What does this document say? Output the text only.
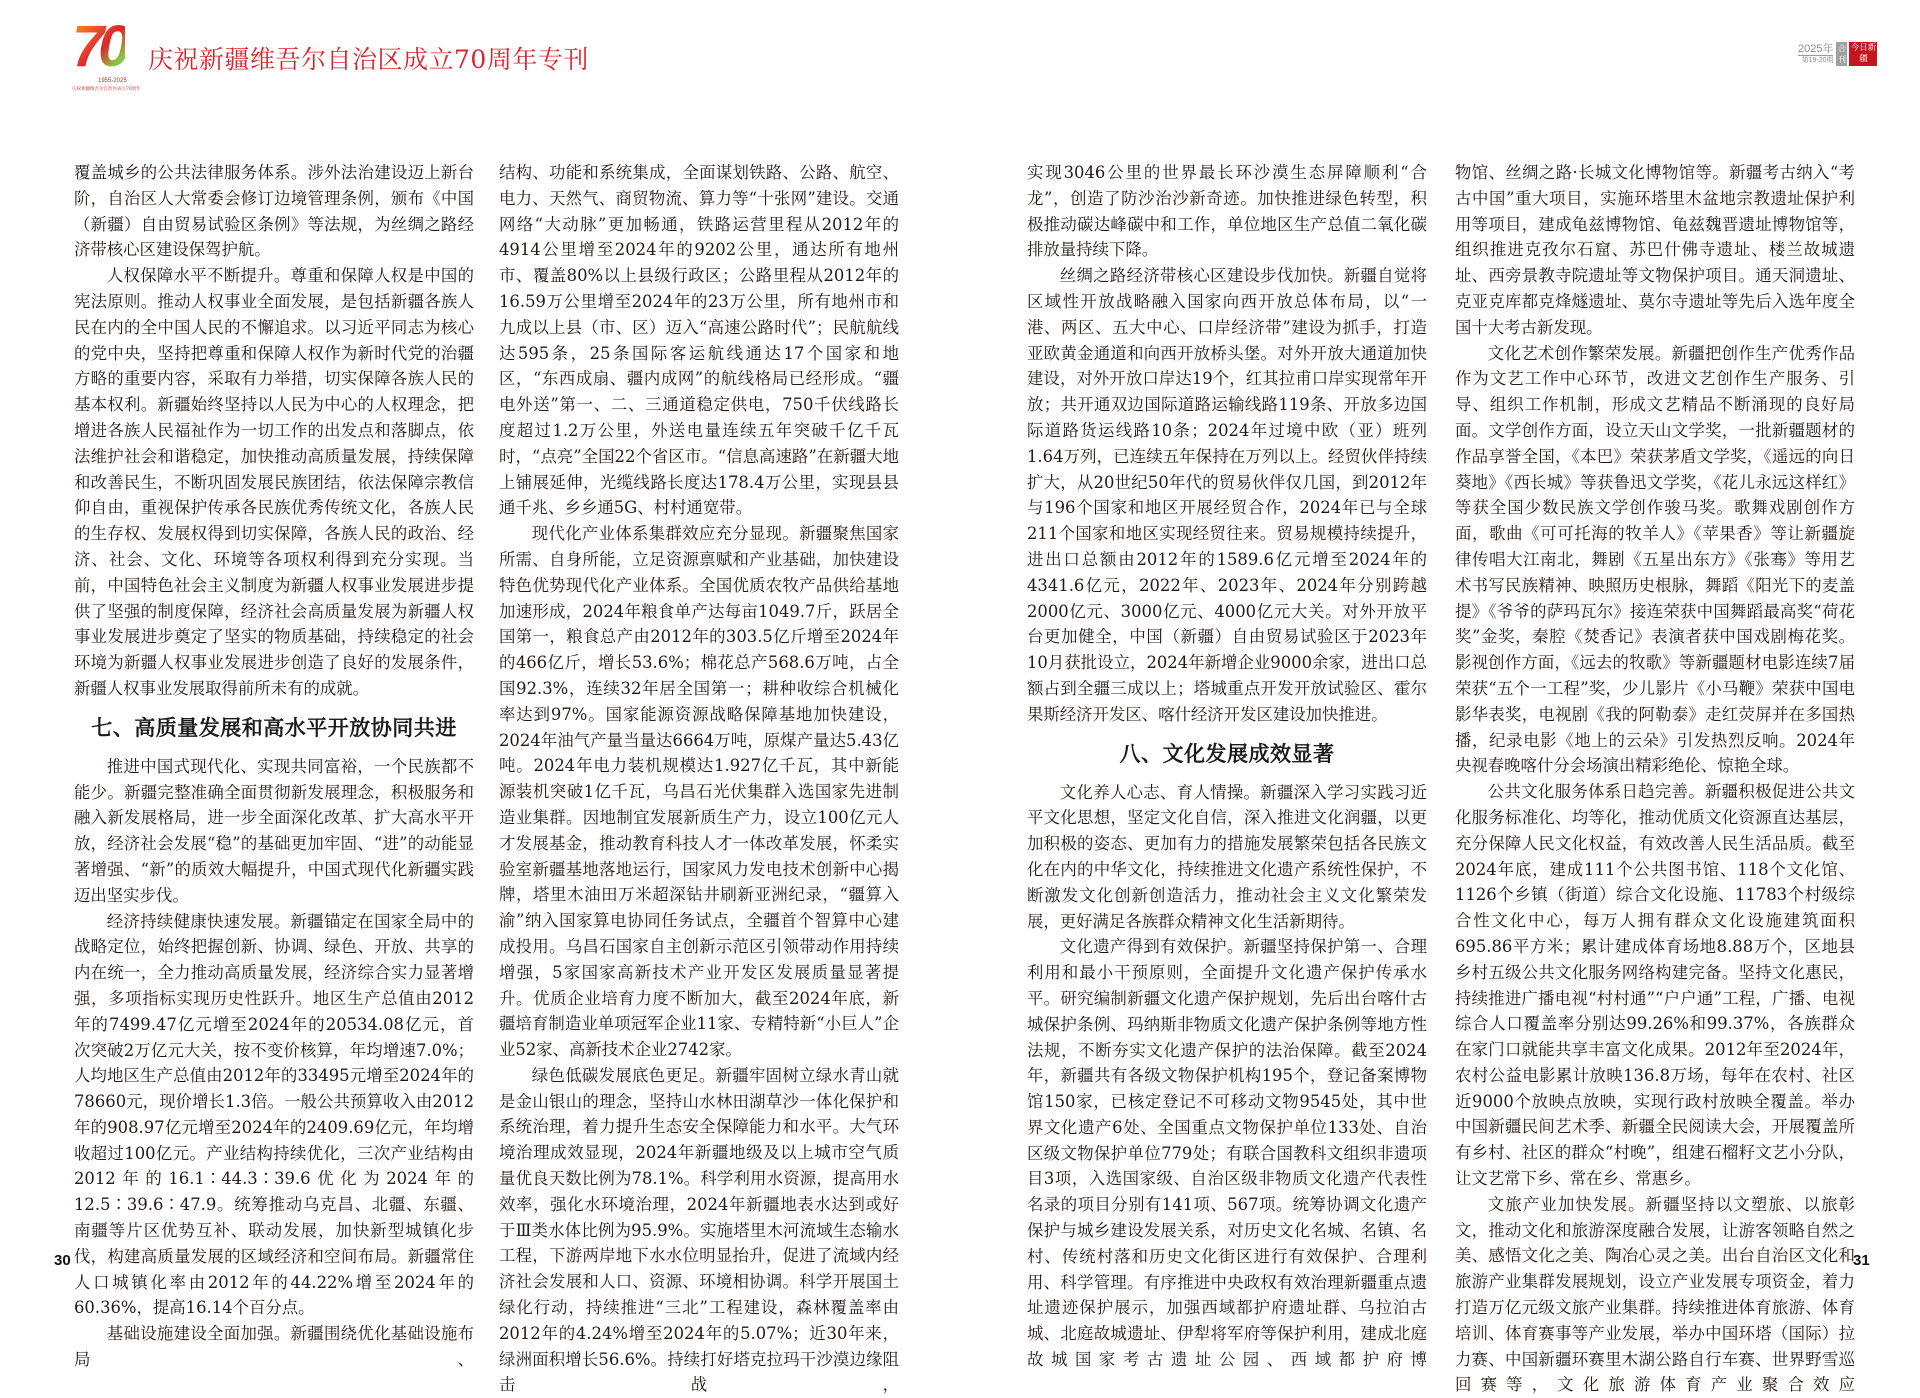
70
1955-2025
庆祝新疆维吾尔自治区成立70周年
庆祝新疆维吾尔自治区成立70周年专刊	2025年
第19-20期
合刊
今日新疆

覆盖城乡的公共法律服务体系。涉外法治建设迈上新台阶，自治区人大常委会修订边境管理条例，颁布《中国（新疆）自由贸易试验区条例》等法规，为丝绸之路经济带核心区建设保驾护航。

人权保障水平不断提升。尊重和保障人权是中国的宪法原则。推动人权事业全面发展，是包括新疆各族人民在内的全中国人民的不懈追求。以习近平同志为核心的党中央，坚持把尊重和保障人权作为新时代党的治疆方略的重要内容，采取有力举措，切实保障各族人民的基本权利。新疆始终坚持以人民为中心的人权理念，把增进各族人民福祉作为一切工作的出发点和落脚点，依法维护社会和谐稳定，加快推动高质量发展，持续保障和改善民生，不断巩固发展民族团结，依法保障宗教信仰自由，重视保护传承各民族优秀传统文化，各族人民的生存权、发展权得到切实保障，各族人民的政治、经济、社会、文化、环境等各项权利得到充分实现。当前，中国特色社会主义制度为新疆人权事业发展进步提供了坚强的制度保障，经济社会高质量发展为新疆人权事业发展进步奠定了坚实的物质基础，持续稳定的社会环境为新疆人权事业发展进步创造了良好的发展条件，新疆人权事业发展取得前所未有的成就。

七、高质量发展和高水平开放协同共进

推进中国式现代化、实现共同富裕，一个民族都不能少。新疆完整准确全面贯彻新发展理念，积极服务和融入新发展格局，进一步全面深化改革、扩大高水平开放，经济社会发展“稳”的基础更加牢固、“进”的动能显著增强、“新”的质效大幅提升，中国式现代化新疆实践迈出坚实步伐。

经济持续健康快速发展。新疆锚定在国家全局中的战略定位，始终把握创新、协调、绿色、开放、共享的内在统一，全力推动高质量发展，经济综合实力显著增强，多项指标实现历史性跃升。地区生产总值由2012年的7499.47亿元增至2024年的20534.08亿元，首次突破2万亿元大关，按不变价核算，年均增速7.0%；人均地区生产总值由2012年的33495元增至2024年的78660元，现价增长1.3倍。一般公共预算收入由2012年的908.97亿元增至2024年的2409.69亿元，年均增收超过100亿元。产业结构持续优化，三次产业结构由2012年的16.1∶44.3∶39.6优化为2024年的12.5∶39.6∶47.9。统筹推动乌克昌、北疆、东疆、南疆等片区优势互补、联动发展，加快新型城镇化步伐，构建高质量发展的区域经济和空间布局。新疆常住人口城镇化率由2012年的44.22%增至2024年的60.36%，提高16.14个百分点。

基础设施建设全面加强。新疆围绕优化基础设施布局、

结构、功能和系统集成，全面谋划铁路、公路、航空、电力、天然气、商贸物流、算力等“十张网”建设。交通网络“大动脉”更加畅通，铁路运营里程从2012年的4914公里增至2024年的9202公里，通达所有地州市、覆盖80%以上县级行政区；公路里程从2012年的16.59万公里增至2024年的23万公里，所有地州市和九成以上县（市、区）迈入“高速公路时代”；民航航线达595条，25条国际客运航线通达17个国家和地区，“东西成扇、疆内成网”的航线格局已经形成。“疆电外送”第一、二、三通道稳定供电，750千伏线路长度超过1.2万公里，外送电量连续五年突破千亿千瓦时，“点亮”全国22个省区市。“信息高速路”在新疆大地上铺展延伸，光缆线路长度达178.4万公里，实现县县通千兆、乡乡通5G、村村通宽带。

现代化产业体系集群效应充分显现。新疆聚焦国家所需、自身所能，立足资源禀赋和产业基础，加快建设特色优势现代化产业体系。全国优质农牧产品供给基地加速形成，2024年粮食单产达每亩1049.7斤，跃居全国第一，粮食总产由2012年的303.5亿斤增至2024年的466亿斤，增长53.6%；棉花总产568.6万吨，占全国92.3%，连续32年居全国第一；耕种收综合机械化率达到97%。国家能源资源战略保障基地加快建设，2024年油气产量当量达6664万吨，原煤产量达5.43亿吨。2024年电力装机规模达1.927亿千瓦，其中新能源装机突破1亿千瓦，乌昌石光伏集群入选国家先进制造业集群。因地制宜发展新质生产力，设立100亿元人才发展基金，推动教育科技人才一体改革发展，怀柔实验室新疆基地落地运行，国家风力发电技术创新中心揭牌，塔里木油田万米超深钻井刷新亚洲纪录，“疆算入渝”纳入国家算电协同任务试点，全疆首个智算中心建成投用。乌昌石国家自主创新示范区引领带动作用持续增强，5家国家高新技术产业开发区发展质量显著提升。优质企业培育力度不断加大，截至2024年底，新疆培育制造业单项冠军企业11家、专精特新“小巨人”企业52家、高新技术企业2742家。

绿色低碳发展底色更足。新疆牢固树立绿水青山就是金山银山的理念，坚持山水林田湖草沙一体化保护和系统治理，着力提升生态安全保障能力和水平。大气环境治理成效显现，2024年新疆地级及以上城市空气质量优良天数比例为78.1%。科学利用水资源，提高用水效率，强化水环境治理，2024年新疆地表水达到或好于Ⅲ类水体比例为95.9%。实施塔里木河流域生态输水工程，下游两岸地下水水位明显抬升，促进了流域内经济社会发展和人口、资源、环境相协调。科学开展国土绿化行动，持续推进“三北”工程建设，森林覆盖率由2012年的4.24%增至2024年的5.07%；近30年来，绿洲面积增长56.6%。持续打好塔克拉玛干沙漠边缘阻击战，

实现3046公里的世界最长环沙漠生态屏障顺利“合龙”，创造了防沙治沙新奇迹。加快推进绿色转型，积极推动碳达峰碳中和工作，单位地区生产总值二氧化碳排放量持续下降。

丝绸之路经济带核心区建设步伐加快。新疆自觉将区域性开放战略融入国家向西开放总体布局，以“一港、两区、五大中心、口岸经济带”建设为抓手，打造亚欧黄金通道和向西开放桥头堡。对外开放大通道加快建设，对外开放口岸达19个，红其拉甫口岸实现常年开放；共开通双边国际道路运输线路119条、开放多边国际道路货运线路10条；2024年过境中欧（亚）班列1.64万列，已连续五年保持在万列以上。经贸伙伴持续扩大，从20世纪50年代的贸易伙伴仅几国，到2012年与196个国家和地区开展经贸合作，2024年已与全球211个国家和地区实现经贸往来。贸易规模持续提升，进出口总额由2012年的1589.6亿元增至2024年的4341.6亿元，2022年、2023年、2024年分别跨越2000亿元、3000亿元、4000亿元大关。对外开放平台更加健全，中国（新疆）自由贸易试验区于2023年10月获批设立，2024年新增企业9000余家，进出口总额占到全疆三成以上；塔城重点开发开放试验区、霍尔果斯经济开发区、喀什经济开发区建设加快推进。

八、文化发展成效显著

文化养人心志、育人情操。新疆深入学习实践习近平文化思想，坚定文化自信，深入推进文化润疆，以更加积极的姿态、更加有力的措施发展繁荣包括各民族文化在内的中华文化，持续推进文化遗产系统性保护，不断激发文化创新创造活力，推动社会主义文化繁荣发展，更好满足各族群众精神文化生活新期待。

文化遗产得到有效保护。新疆坚持保护第一、合理利用和最小干预原则，全面提升文化遗产保护传承水平。研究编制新疆文化遗产保护规划，先后出台喀什古城保护条例、玛纳斯非物质文化遗产保护条例等地方性法规，不断夯实文化遗产保护的法治保障。截至2024年，新疆共有各级文物保护机构195个，登记备案博物馆150家，已核定登记不可移动文物9545处，其中世界文化遗产6处、全国重点文物保护单位133处、自治区级文物保护单位779处；有联合国教科文组织非遗项目3项，入选国家级、自治区级非物质文化遗产代表性名录的项目分别有141项、567项。统筹协调文化遗产保护与城乡建设发展关系，对历史文化名城、名镇、名村、传统村落和历史文化街区进行有效保护、合理利用、科学管理。有序推进中央政权有效治理新疆重点遗址遗迹保护展示，加强西域都护府遗址群、乌拉泊古城、北庭故城遗址、伊犁将军府等保护利用，建成北庭故城国家考古遗址公园、西域都护府博

物馆、丝绸之路·长城文化博物馆等。新疆考古纳入“考古中国”重大项目，实施环塔里木盆地宗教遗址保护利用等项目，建成龟兹博物馆、龟兹魏晋遗址博物馆等，组织推进克孜尔石窟、苏巴什佛寺遗址、楼兰故城遗址、西旁景教寺院遗址等文物保护项目。通天洞遗址、克亚克库都克烽燧遗址、莫尔寺遗址等先后入选年度全国十大考古新发现。

文化艺术创作繁荣发展。新疆把创作生产优秀作品作为文艺工作中心环节，改进文艺创作生产服务、引导、组织工作机制，形成文艺精品不断涌现的良好局面。文学创作方面，设立天山文学奖，一批新疆题材的作品享誉全国，《本巴》荣获茅盾文学奖，《遥远的向日葵地》《西长城》等获鲁迅文学奖，《花儿永远这样红》等获全国少数民族文学创作骏马奖。歌舞戏剧创作方面，歌曲《可可托海的牧羊人》《苹果香》等让新疆旋律传唱大江南北，舞剧《五星出东方》《张骞》等用艺术书写民族精神、映照历史根脉，舞蹈《阳光下的麦盖提》《爷爷的萨玛瓦尔》接连荣获中国舞蹈最高奖“荷花奖”金奖，秦腔《焚香记》表演者获中国戏剧梅花奖。影视创作方面，《远去的牧歌》等新疆题材电影连续7届荣获“五个一工程”奖，少儿影片《小马鞭》荣获中国电影华表奖，电视剧《我的阿勒泰》走红荧屏并在多国热播，纪录电影《地上的云朵》引发热烈反响。2024年央视春晚喀什分会场演出精彩绝伦、惊艳全球。

公共文化服务体系日趋完善。新疆积极促进公共文化服务标准化、均等化，推动优质文化资源直达基层，充分保障人民文化权益，有效改善人民生活品质。截至2024年底，建成111个公共图书馆、118个文化馆、1126个乡镇（街道）综合文化设施、11783个村级综合性文化中心，每万人拥有群众文化设施建筑面积695.86平方米；累计建成体育场地8.88万个，区地县乡村五级公共文化服务网络构建完备。坚持文化惠民，持续推进广播电视“村村通”“户户通”工程，广播、电视综合人口覆盖率分别达99.26%和99.37%，各族群众在家门口就能共享丰富文化成果。2012年至2024年，农村公益电影累计放映136.8万场，每年在农村、社区近9000个放映点放映，实现行政村放映全覆盖。举办中国新疆民间艺术季、新疆全民阅读大会，开展覆盖所有乡村、社区的群众“村晚”，组建石榴籽文艺小分队，让文艺常下乡、常在乡、常惠乡。

文旅产业加快发展。新疆坚持以文塑旅、以旅彰文，推动文化和旅游深度融合发展，让游客领略自然之美、感悟文化之美、陶冶心灵之美。出台自治区文化和旅游产业集群发展规划，设立产业发展专项资金，着力打造万亿元级文旅产业集群。持续推进体育旅游、体育培训、体育赛事等产业发展，举办中国环塔（国际）拉力赛、中国新疆环赛里木湖公路自行车赛、世界野雪巡回赛等，文化旅游体育产业聚合效应

30	31
